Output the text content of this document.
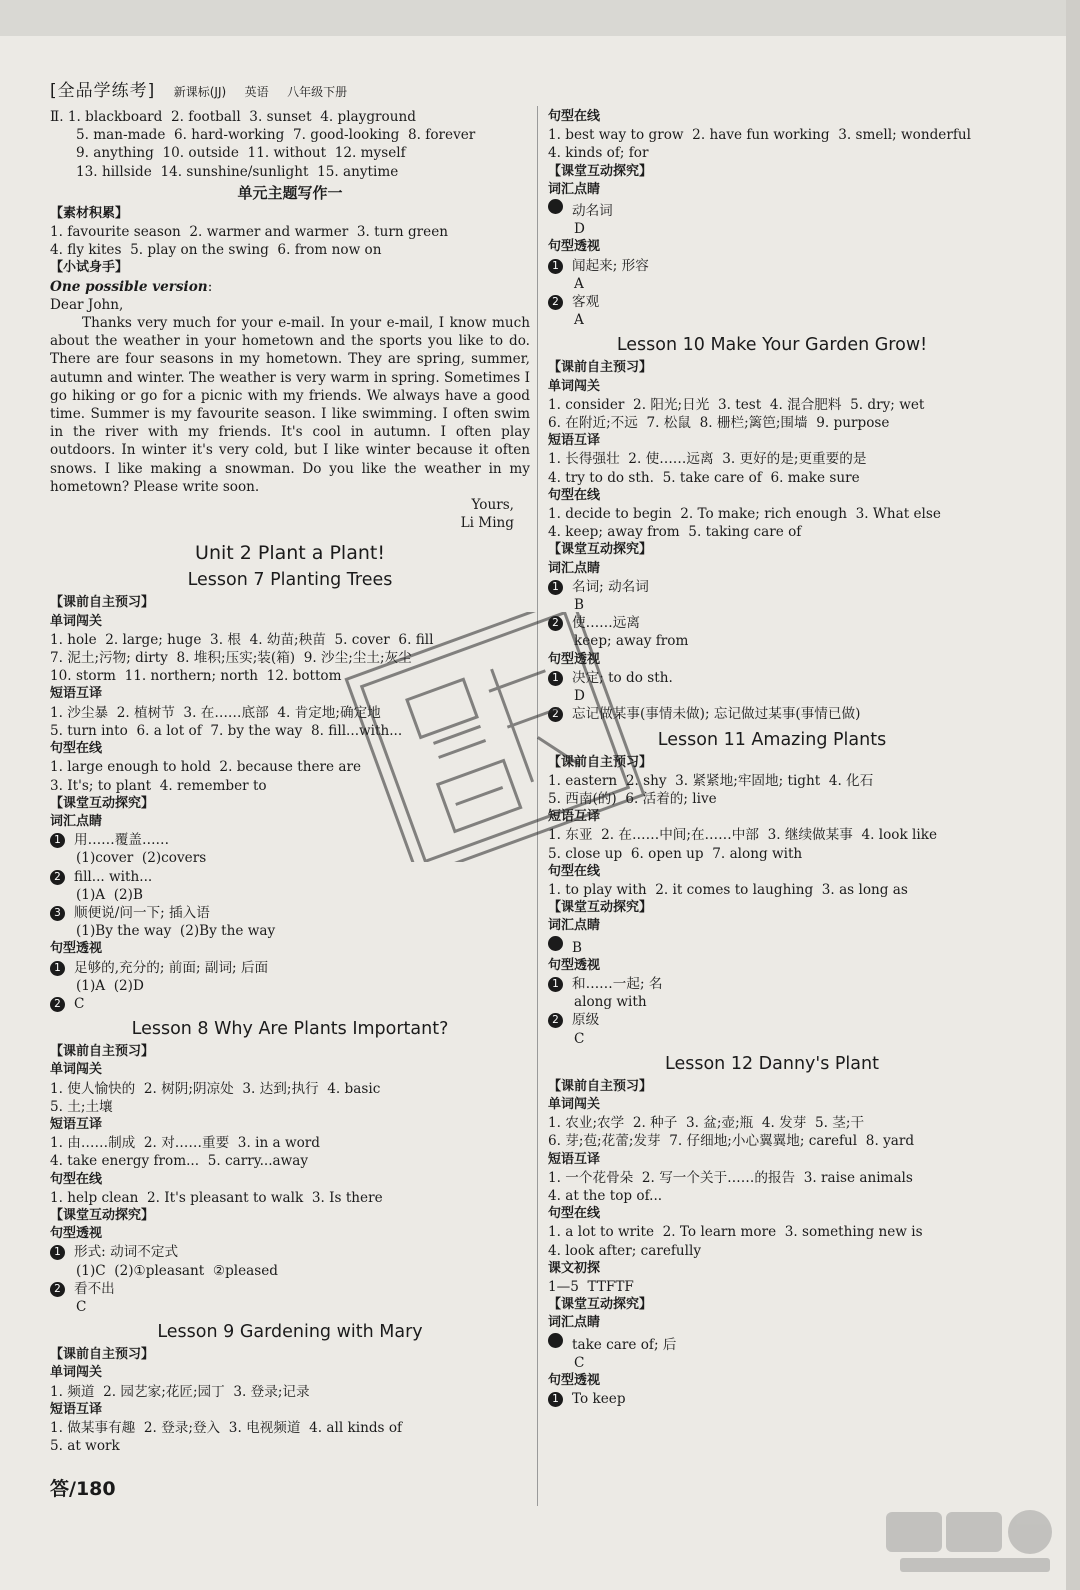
[全品学练考] 新课标(JJ) 英语 八年级下册
Ⅱ. 1. blackboard  2. football  3. sunset  4. playground
5. man-made  6. hard-working  7. good-looking  8. forever
9. anything  10. outside  11. without  12. myself
13. hillside  14. sunshine/sunlight  15. anytime
单元主题写作一
【素材积累】
1. favourite season  2. warmer and warmer  3. turn green
4. fly kites  5. play on the swing  6. from now on
【小试身手】
One possible version:
Dear John,
Thanks very much for your e-mail. In your e-mail, I know much about the weather in your hometown and the sports you like to do. There are four seasons in my hometown. They are spring, summer, autumn and winter. The weather is very warm in spring. Sometimes I go hiking or go for a picnic with my friends. We always have a good time. Summer is my favourite season. I like swimming. I often swim in the river with my friends. It's cool in autumn. I often play outdoors. In winter it's very cold, but I like winter because it often snows. I like making a snowman. Do you like the weather in my hometown? Please write soon.
Yours,
Li Ming
Unit 2 Plant a Plant!
Lesson 7 Planting Trees
【课前自主预习】
单词闯关
1. hole  2. large; huge  3. 根  4. 幼苗;秧苗  5. cover  6. fill
7. 泥土;污物; dirty  8. 堆积;压实;装(箱)  9. 沙尘;尘土;灰尘
10. storm  11. northern; north  12. bottom
短语互译
1. 沙尘暴  2. 植树节  3. 在……底部  4. 肯定地;确定地
5. turn into  6. a lot of  7. by the way  8. fill...with...
句型在线
1. large enough to hold  2. because there are
3. It's; to plant  4. remember to
【课堂互动探究】
词汇点睛
1 用……覆盖……
(1)cover  (2)covers
2 fill... with...
(1)A  (2)B
3 顺便说/问一下; 插入语
(1)By the way  (2)By the way
句型透视
1 足够的,充分的; 前面; 副词; 后面
(1)A  (2)D
2 C
Lesson 8 Why Are Plants Important?
【课前自主预习】
单词闯关
1. 使人愉快的  2. 树阴;阴凉处  3. 达到;执行  4. basic
5. 土;土壤
短语互译
1. 由……制成  2. 对……重要  3. in a word
4. take energy from...  5. carry...away
句型在线
1. help clean  2. It's pleasant to walk  3. Is there
【课堂互动探究】
句型透视
1 形式: 动词不定式
(1)C  (2)①pleasant  ②pleased
2 看不出
C
Lesson 9 Gardening with Mary
【课前自主预习】
单词闯关
1. 频道  2. 园艺家;花匠;园丁  3. 登录;记录
短语互译
1. 做某事有趣  2. 登录;登入  3. 电视频道  4. all kinds of
5. at work
句型在线
1. best way to grow  2. have fun working  3. smell; wonderful
4. kinds of; for
【课堂互动探究】
词汇点睛
动名词
D
句型透视
1 闻起来; 形容
A
2 客观
A
Lesson 10 Make Your Garden Grow!
【课前自主预习】
单词闯关
1. consider  2. 阳光;日光  3. test  4. 混合肥料  5. dry; wet
6. 在附近;不远  7. 松鼠  8. 栅栏;篱笆;围墙  9. purpose
短语互译
1. 长得强壮  2. 使……远离  3. 更好的是;更重要的是
4. try to do sth.  5. take care of  6. make sure
句型在线
1. decide to begin  2. To make; rich enough  3. What else
4. keep; away from  5. taking care of
【课堂互动探究】
词汇点睛
1 名词; 动名词
B
2 使……远离
keep; away from
句型透视
1 决定; to do sth.
D
2 忘记做某事(事情未做); 忘记做过某事(事情已做)
Lesson 11 Amazing Plants
【课前自主预习】
1. eastern  2. shy  3. 紧紧地;牢固地; tight  4. 化石
5. 西南(的)  6. 活着的; live
短语互译
1. 东亚  2. 在……中间;在……中部  3. 继续做某事  4. look like
5. close up  6. open up  7. along with
句型在线
1. to play with  2. it comes to laughing  3. as long as
【课堂互动探究】
词汇点睛
B
句型透视
1 和……一起; 名
along with
2 原级
C
Lesson 12 Danny's Plant
【课前自主预习】
单词闯关
1. 农业;农学  2. 种子  3. 盆;壶;瓶  4. 发芽  5. 茎;干
6. 芽;苞;花蕾;发芽  7. 仔细地;小心翼翼地; careful  8. yard
短语互译
1. 一个花骨朵  2. 写一个关于……的报告  3. raise animals
4. at the top of...
句型在线
1. a lot to write  2. To learn more  3. something new is
4. look after; carefully
课文初探
1—5  TTFTF
【课堂互动探究】
词汇点睛
take care of; 后
C
句型透视
1 To keep
答/180
